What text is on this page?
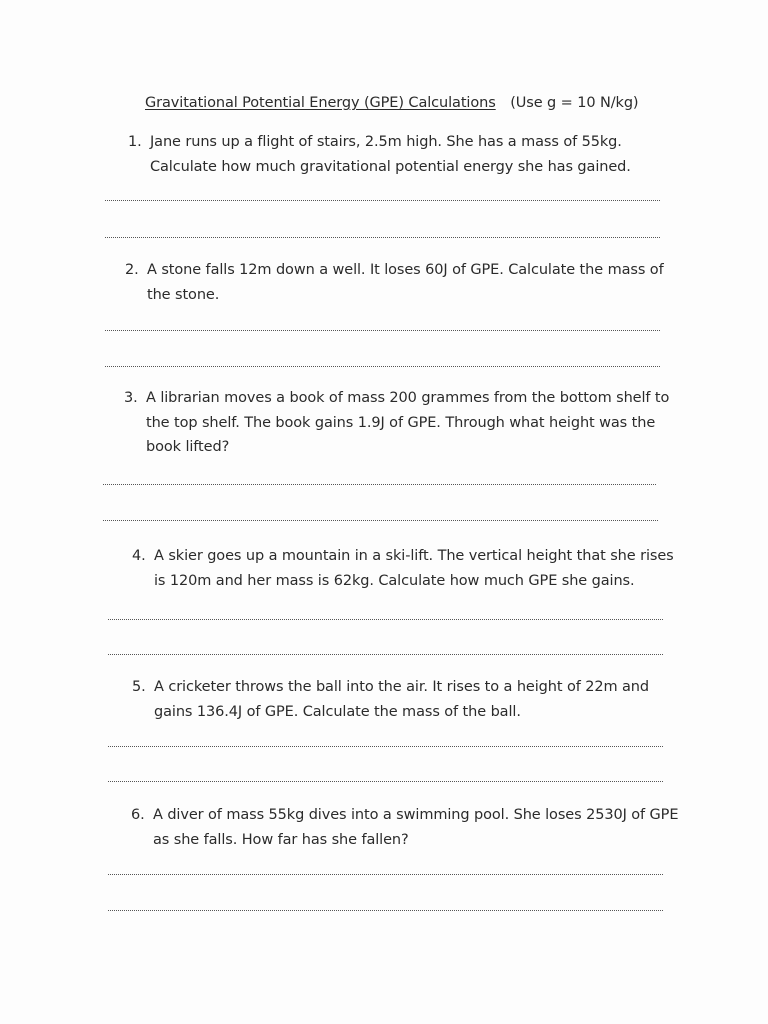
Gravitational Potential Energy (GPE) Calculations (Use g = 10 N/kg)
1. Jane runs up a flight of stairs, 2.5m high. She has a mass of 55kg.
Calculate how much gravitational potential energy she has gained.
2. A stone falls 12m down a well. It loses 60J of GPE. Calculate the mass of
the stone.
3. A librarian moves a book of mass 200 grammes from the bottom shelf to
the top shelf. The book gains 1.9J of GPE. Through what height was the
book lifted?
4. A skier goes up a mountain in a ski-lift. The vertical height that she rises
is 120m and her mass is 62kg. Calculate how much GPE she gains.
5. A cricketer throws the ball into the air. It rises to a height of 22m and
gains 136.4J of GPE. Calculate the mass of the ball.
6. A diver of mass 55kg dives into a swimming pool. She loses 2530J of GPE
as she falls. How far has she fallen?
